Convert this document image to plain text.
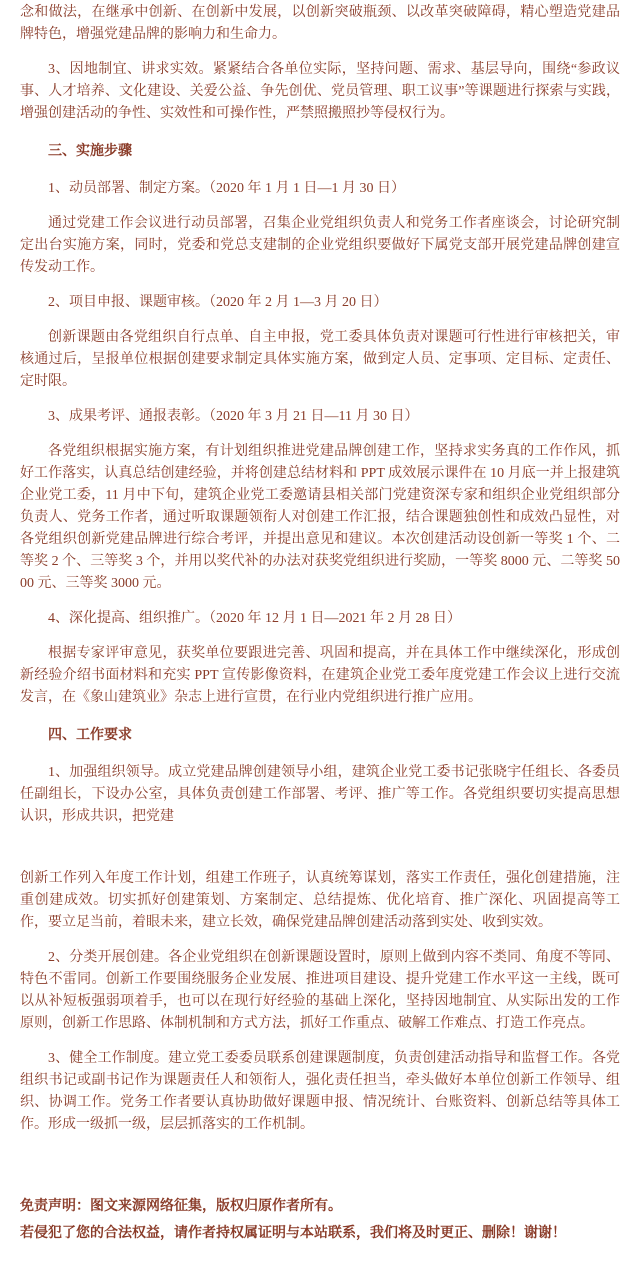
念和做法，在继承中创新、在创新中发展，以创新突破瓶颈、以改革突破障碍，精心塑造党建品牌特色，增强党建品牌的影响力和生命力。

3、因地制宜、讲求实效。紧紧结合各单位实际，坚持问题、需求、基层导向，围绕“参政议事、人才培养、文化建设、关爱公益、争先创优、党员管理、职工议事”等课题进行探索与实践，增强创建活动的争性、实效性和可操作性，严禁照搬照抄等侵权行为。

三、实施步骤

1、动员部署、制定方案。（2020 年 1 月 1 日—1 月 30 日）

通过党建工作会议进行动员部署，召集企业党组织负责人和党务工作者座谈会，讨论研究制定出台实施方案，同时，党委和党总支建制的企业党组织要做好下属党支部开展党建品牌创建宣传发动工作。

2、项目申报、课题审核。（2020 年 2 月 1—3 月 20 日）

创新课题由各党组织自行点单、自主申报，党工委具体负责对课题可行性进行审核把关，审核通过后，呈报单位根据创建要求制定具体实施方案，做到定人员、定事项、定目标、定责任、定时限。

3、成果考评、通报表彰。（2020 年 3 月 21 日—11 月 30 日）

各党组织根据实施方案，有计划组织推进党建品牌创建工作，坚持求实务真的工作作风，抓好工作落实，认真总结创建经验，并将创建总结材料和 PPT 成效展示课件在 10 月底一并上报建筑企业党工委，11 月中下旬，建筑企业党工委邀请县相关部门党建资深专家和组织企业党组织部分负责人、党务工作者，通过听取课题领衔人对创建工作汇报，结合课题独创性和成效凸显性，对各党组织创新党建品牌进行综合考评，并提出意见和建议。本次创建活动设创新一等奖 1 个、二等奖 2 个、三等奖 3 个，并用以奖代补的办法对获奖党组织进行奖励，一等奖 8000 元、二等奖 5000 元、三等奖 3000 元。

4、深化提高、组织推广。（2020 年 12 月 1 日—2021 年 2 月 28 日）

根据专家评审意见，获奖单位要跟进完善、巩固和提高，并在具体工作中继续深化，形成创新经验介绍书面材料和充实 PPT 宣传影像资料，在建筑企业党工委年度党建工作会议上进行交流发言，在《象山建筑业》杂志上进行宣贯，在行业内党组织进行推广应用。

四、工作要求

1、加强组织领导。成立党建品牌创建领导小组，建筑企业党工委书记张晓宇任组长、各委员任副组长，下设办公室，具体负责创建工作部署、考评、推广等工作。各党组织要切实提高思想认识，形成共识，把党建

创新工作列入年度工作计划，组建工作班子，认真统筹谋划，落实工作责任，强化创建措施，注重创建成效。切实抓好创建策划、方案制定、总结提炼、优化培育、推广深化、巩固提高等工作，要立足当前，着眼未来，建立长效，确保党建品牌创建活动落到实处、收到实效。

2、分类开展创建。各企业党组织在创新课题设置时，原则上做到内容不类同、角度不等同、特色不雷同。创新工作要围绕服务企业发展、推进项目建设、提升党建工作水平这一主线，既可以从补短板强弱项着手，也可以在现行好经验的基础上深化，坚持因地制宜、从实际出发的工作原则，创新工作思路、体制机制和方式方法，抓好工作重点、破解工作难点、打造工作亮点。

3、健全工作制度。建立党工委委员联系创建课题制度，负责创建活动指导和监督工作。各党组织书记或副书记作为课题责任人和领衔人，强化责任担当，牵头做好本单位创新工作领导、组织、协调工作。党务工作者要认真协助做好课题申报、情况统计、台账资料、创新总结等具体工作。形成一级抓一级，层层抓落实的工作机制。

免责声明：图文来源网络征集，版权归原作者所有。

若侵犯了您的合法权益，请作者持权属证明与本站联系，我们将及时更正、删除！谢谢！
